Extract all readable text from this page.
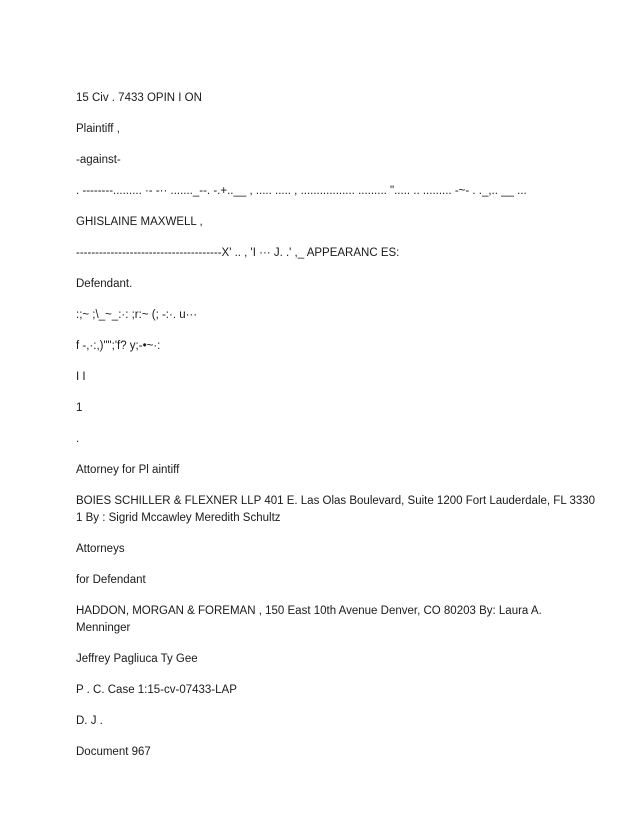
15 Civ . 7433 OPIN I ON

Plaintiff ,

-against-

. --------......... ·- -·· ......._--. -.+..__ , ..... ..... , ................. ......... "..... .. ......... -~- . ._,.. __ ...

GHISLAINE MAXWELL ,

--------------------------------------X' .. , 'I ··· J. .' ,_ APPEARANC ES:

Defendant.

:;~ ;\_~_:·: ;r:~ (; -:·. u···

f -,·:,)"";'f? y;-•~·:

I I

1

.

Attorney for Pl aintiff

BOIES SCHILLER & FLEXNER LLP 401 E. Las Olas Boulevard, Suite 1200 Fort Lauderdale, FL 3330 1 By : Sigrid Mccawley Meredith Schultz

Attorneys

for Defendant

HADDON, MORGAN & FOREMAN , 150 East 10th Avenue Denver, CO 80203 By: Laura A. Menninger

Jeffrey Pagliuca Ty Gee

P . C. Case 1:15-cv-07433-LAP

D. J .

Document 967
